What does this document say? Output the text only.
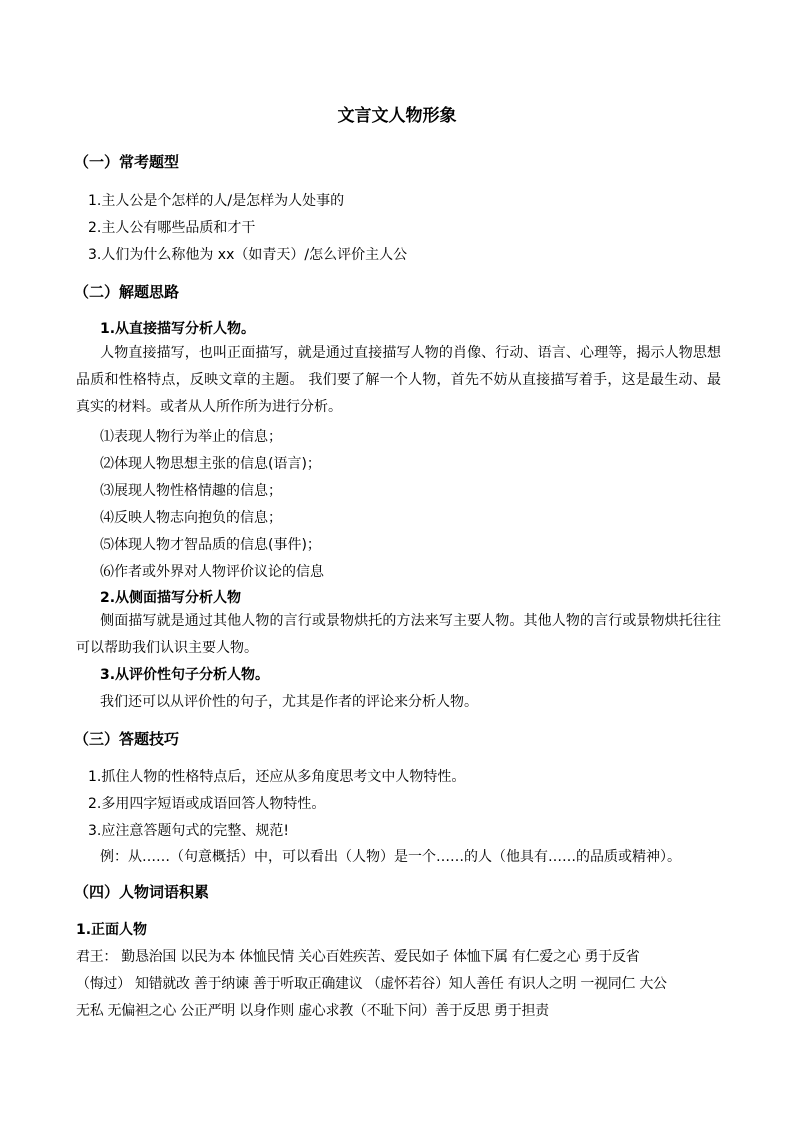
文言文人物形象
（一）常考题型
1.主人公是个怎样的人/是怎样为人处事的
2.主人公有哪些品质和才干
3.人们为什么称他为 xx（如青天）/怎么评价主人公
（二）解题思路
1.从直接描写分析人物。
人物直接描写，也叫正面描写，就是通过直接描写人物的肖像、行动、语言、心理等，揭示人物思想品质和性格特点，反映文章的主题。 我们要了解一个人物，首先不妨从直接描写着手，这是最生动、最真实的材料。或者从人所作所为进行分析。
⑴表现人物行为举止的信息；
⑵体现人物思想主张的信息(语言)；
⑶展现人物性格情趣的信息；
⑷反映人物志向抱负的信息；
⑸体现人物才智品质的信息(事件)；
⑹作者或外界对人物评价议论的信息
2.从侧面描写分析人物
侧面描写就是通过其他人物的言行或景物烘托的方法来写主要人物。其他人物的言行或景物烘托往往可以帮助我们认识主要人物。
3.从评价性句子分析人物。
我们还可以从评价性的句子，尤其是作者的评论来分析人物。
（三）答题技巧
1.抓住人物的性格特点后，还应从多角度思考文中人物特性。
2.多用四字短语或成语回答人物特性。
3.应注意答题句式的完整、规范!
例：从……（句意概括）中，可以看出（人物）是一个……的人（他具有……的品质或精神）。
（四）人物词语积累
1.正面人物
君王： 勤恳治国 以民为本 体恤民情 关心百姓疾苦、爱民如子 体恤下属 有仁爱之心 勇于反省
（悔过） 知错就改 善于纳谏 善于听取正确建议 （虚怀若谷）知人善任 有识人之明 一视同仁 大公
无私 无偏袒之心 公正严明 以身作则 虚心求教（不耻下问）善于反思 勇于担责
